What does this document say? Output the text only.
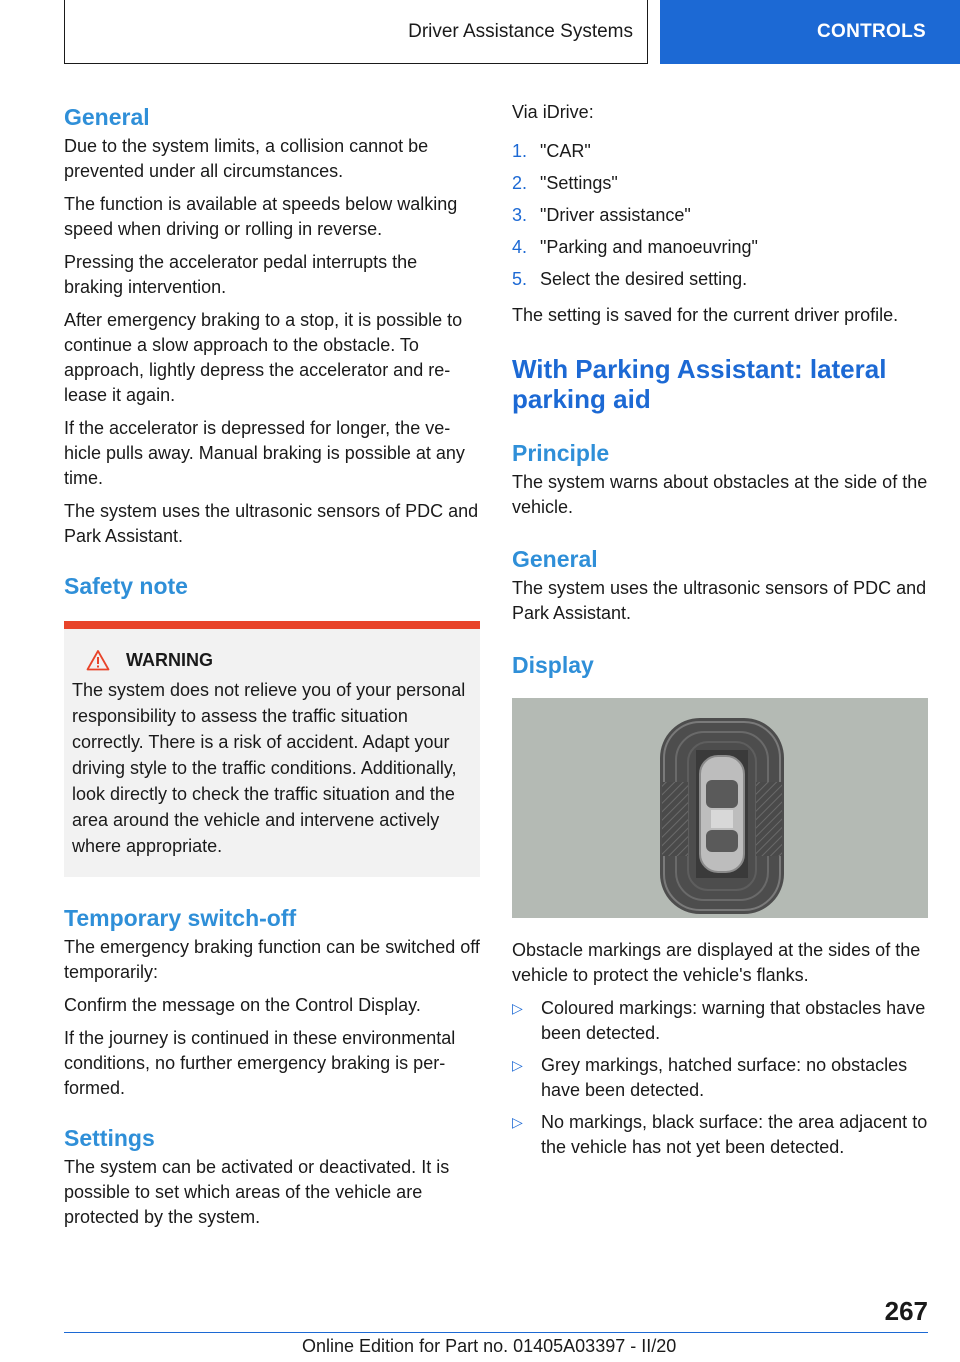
Driver Assistance Systems	CONTROLS
General

Due to the system limits, a collision cannot be prevented under all circumstances.

The function is available at speeds below walking speed when driving or rolling in reverse.

Pressing the accelerator pedal interrupts the braking intervention.

After emergency braking to a stop, it is possible to continue a slow approach to the obstacle. To approach, lightly depress the accelerator and release it again.

If the accelerator is depressed for longer, the vehicle pulls away. Manual braking is possible at any time.

The system uses the ultrasonic sensors of PDC and Park Assistant.

Safety note
WARNING

The system does not relieve you of your personal responsibility to assess the traffic situation correctly. There is a risk of accident. Adapt your driving style to the traffic conditions. Additionally, look directly to check the traffic situation and the area around the vehicle and intervene actively where appropriate.

Temporary switch-off

The emergency braking function can be switched off temporarily:

Confirm the message on the Control Display.

If the journey is continued in these environmental conditions, no further emergency braking is performed.

Settings

The system can be activated or deactivated. It is possible to set which areas of the vehicle are protected by the system.

Via iDrive:

1. "CAR"
2. "Settings"
3. "Driver assistance"
4. "Parking and manoeuvring"
5. Select the desired setting.

The setting is saved for the current driver profile.

With Parking Assistant: lateral parking aid
Principle

The system warns about obstacles at the side of the vehicle.

General

The system uses the ultrasonic sensors of PDC and Park Assistant.

Display

Obstacle markings are displayed at the sides of the vehicle to protect the vehicle's flanks.

▷	Coloured markings: warning that obstacles have been detected.
▷	Grey markings, hatched surface: no obstacles have been detected.
▷	No markings, black surface: the area adjacent to the vehicle has not yet been detected.
267
Online Edition for Part no. 01405A03397 - II/20
